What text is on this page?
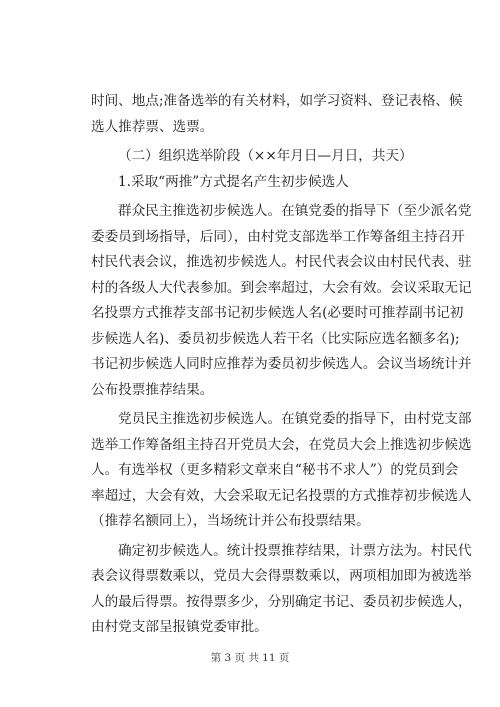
时间、地点;准备选举的有关材料，如学习资料、登记表格、候
选人推荐票、选票。
（二）组织选举阶段（××年月日—月日，共天）
1.采取“两推”方式提名产生初步候选人
群众民主推选初步候选人。在镇党委的指导下（至少派名党
委委员到场指导，后同），由村党支部选举工作筹备组主持召开
村民代表会议，推选初步候选人。村民代表会议由村民代表、驻
村的各级人大代表参加。到会率超过，大会有效。会议采取无记
名投票方式推荐支部书记初步候选人名(必要时可推荐副书记初
步候选人名)、委员初步候选人若干名（比实际应选名额多名);
书记初步候选人同时应推荐为委员初步候选人。会议当场统计并
公布投票推荐结果。
党员民主推选初步候选人。在镇党委的指导下，由村党支部
选举工作筹备组主持召开党员大会，在党员大会上推选初步候选
人。有选举权（更多精彩文章来自“秘书不求人”）的党员到会
率超过，大会有效，大会采取无记名投票的方式推荐初步候选人
（推荐名额同上），当场统计并公布投票结果。
确定初步候选人。统计投票推荐结果，计票方法为。村民代
表会议得票数乘以，党员大会得票数乘以，两项相加即为被选举
人的最后得票。按得票多少，分别确定书记、委员初步候选人，
由村党支部呈报镇党委审批。
第 3 页 共 11 页
